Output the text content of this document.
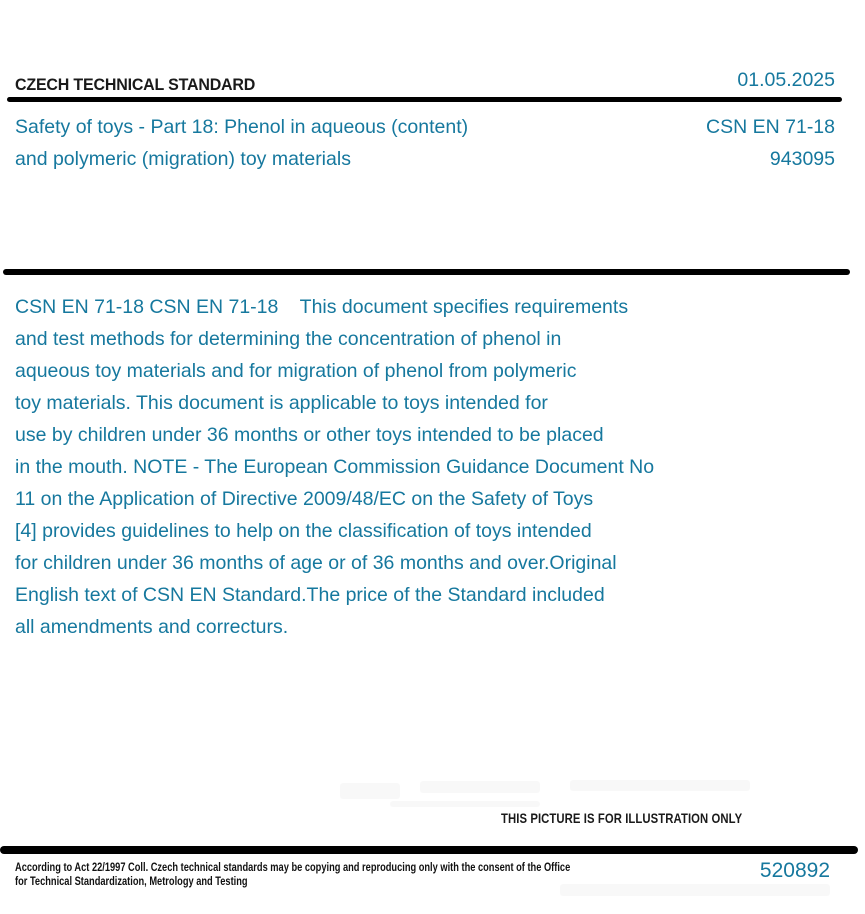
CZECH TECHNICAL STANDARD	01.05.2025
Safety of toys - Part 18: Phenol in aqueous (content)
and polymeric (migration) toy materials
CSN EN 71-18
943095
CSN EN 71-18 CSN EN 71-18    This document specifies requirements
and test methods for determining the concentration of phenol in
aqueous toy materials and for migration of phenol from polymeric
toy materials. This document is applicable to toys intended for
use by children under 36 months or other toys intended to be placed
in the mouth. NOTE - The European Commission Guidance Document No
11 on the Application of Directive 2009/48/EC on the Safety of Toys
[4] provides guidelines to help on the classification of toys intended
for children under 36 months of age or of 36 months and over.Original
English text of CSN EN Standard.The price of the Standard included
all amendments and correcturs.
THIS PICTURE IS FOR ILLUSTRATION ONLY
According to Act 22/1997 Coll. Czech technical standards may be copying and reproducing only with the consent of the Office
for Technical Standardization, Metrology and Testing	520892
